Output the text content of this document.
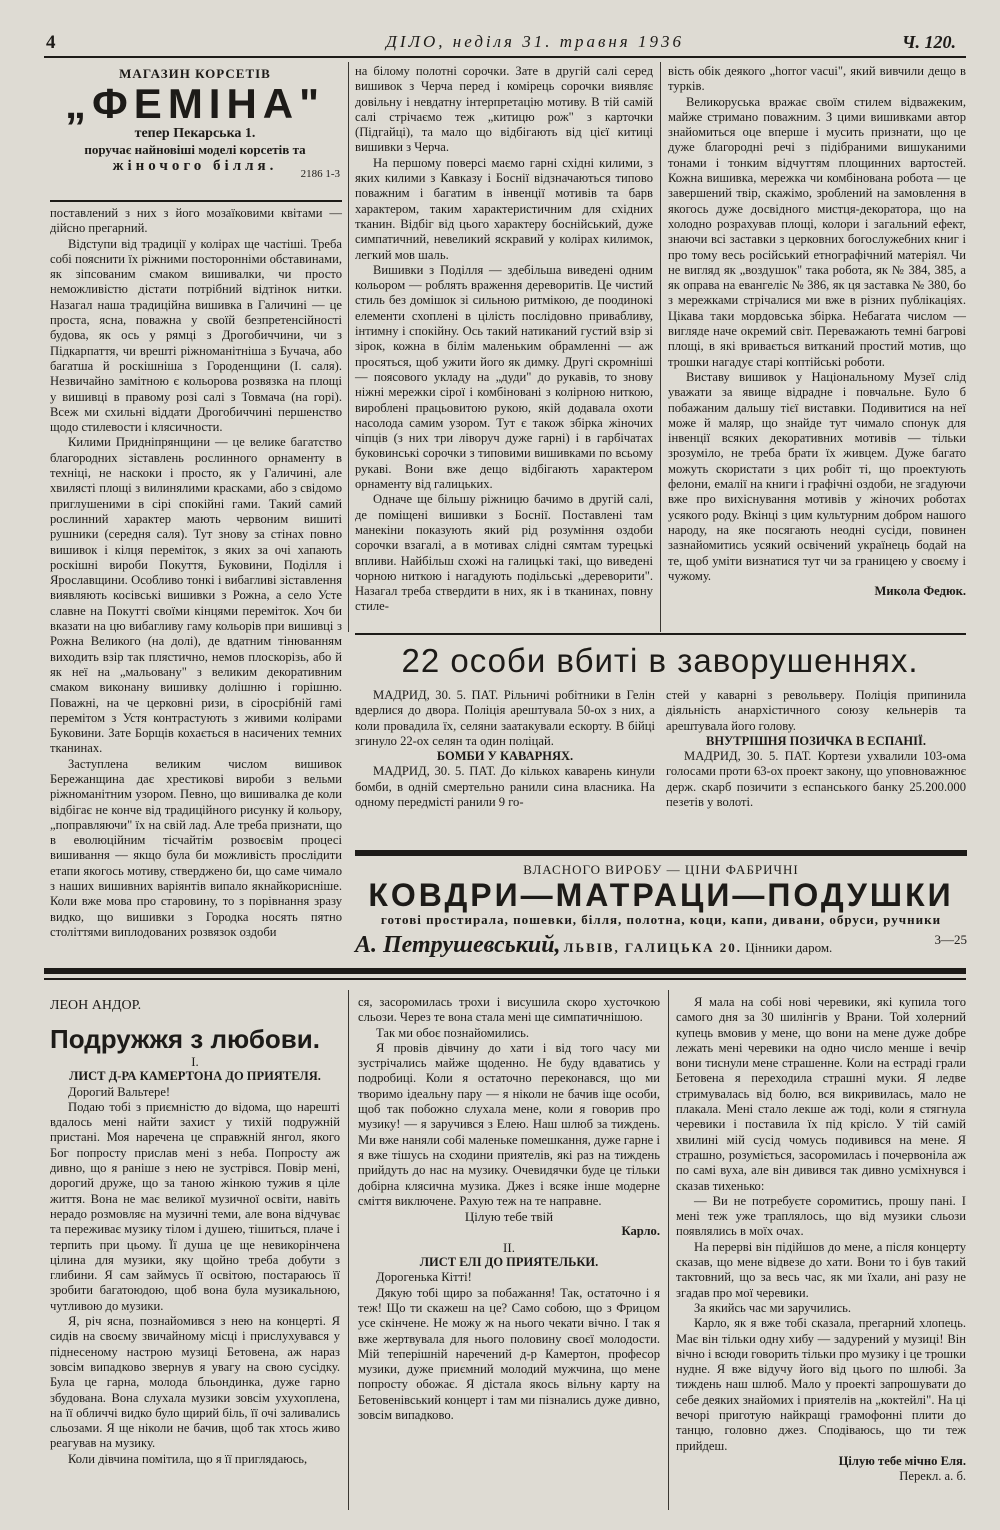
4	ДІЛО, неділя 31. травня 1936	Ч. 120.
МАГАЗИН КОРСЕТІВ
„ФЕМІНА"
тепер Пекарська 1.
поручає найновіші моделі корсетів та
жіночого білля.	2186 1-3

поставлений з них з його мозаїковими квітами — дійсно прегарний.

Відступи від традиції у колірах ще частіші. Треба собі пояснити їх ріжними посторонніми обставинами, як зіпсованим смаком вишивалки, чи просто неможливістю дістати потрібний відтінок нитки. Назагал наша традиційна вишивка в Галичині — це проста, ясна, поважна у своїй безпретенсійності будова, як ось у рямці з Дрогобиччини, чи з Підкарпаття, чи врешті ріжноманітніша з Бучача, або багатша й роскішніша з Городенщини (І. саля). Незвичайно замітною є кольорова розвязка на площі у вишивці в правому розі салі з Товмача (на горі). Всеж ми схильні віддати Дрогобиччині першенство щодо стилевости і клясичности.

Килими Придніпрянщини — це велике багатство благородних зіставлень рослинного орнаменту в техніці, не наскоки і просто, як у Галичині, але хвилясті площі з вилинялими красками, або з свідомо приглушеними в сірі спокійні гами. Такий самий рослинний характер мають червоним вишиті рушники (середня саля). Тут знову за стінах повно вишивок і кілця переміток, з яких за очі хапають роскішні вироби Покуття, Буковини, Поділля і Ярославщини. Особливо тонкі і вибагливі зіставлення виявляють косівські вишивки з Рожна, а село Усте славне на Покутті своїми кінцями переміток. Хоч би вказати на цю вибагливу гаму кольорів при вишивці з Рожна Великого (на долі), де вдатним тінюванням виходить взір так плястично, немов плоскорізь, або й як неї на „мальовану" з великим декоративним смаком виконану вишивку долішню і горішню. Поважні, на че церковні ризи, в сіросрібній гамі перемітом з Устя контрастують з живими колірами Буковини. Зате Борщів кохається в насичених темних тканинах.

Заступлена великим числом вишивок Бережанщина дає хрестикові вироби з вельми ріжноманітним узором. Певно, що вишивалка де коли відбігає не конче від традиційного рисунку й кольору, „поправляючи" їх на свій лад. Але треба признати, що в еволюційним тісчайтім розвоєвім процесі вишивання — якщо була би можливість прослідити етапи якогось мотиву, стверджено би, що саме чимало з наших вишивних варіянтів випало якнайкорисніше. Коли вже мова про старовину, то з порівнання зразу видко, що вишивки з Городка носять пятно століттями виплодованих розвязок оздоби

на білому полотні сорочки. Зате в другій салі серед вишивок з Черча перед і комірець сорочки виявляє довільну і невдатну інтерпретацію мотиву. В тій самій салі стрічаємо теж „китицю рож" з карточки (Підгайці), та мало що відбігають від цієї китиці вишивки з Черча.

На першому поверсі маємо гарні східні килими, з яких килими з Кавказу і Боснії відзначаються типово поважним і багатим в інвенції мотивів та барв характером, таким характеристичним для східних тканин. Відбіг від цього характеру боснійський, дуже симпатичний, невеликий яскравий у колірах килимок, легкий мов шаль.

Вишивки з Поділля — здебільша виведені одним кольором — роблять враження дереворитів. Це чистий стиль без домішок зі сильною ритмікою, де поодинокі елементи схоплені в цілість послідовно привабливу, інтимну і спокійну. Ось такий натиканий густий взір зі зірок, кожна в білім маленьким обрамленні — аж просяться, щоб ужити його як димку. Другі скромніші — поясового укладу на „дуди" до рукавів, то знову ніжні мережки сірої і комбіновані з колірною ниткою, вироблені працьовитою рукою, якій додавала охоти насолода самим узором. Тут є також збірка жіночих чіпців (з них три ліворуч дуже гарні) і в гарбічатах буковинські сорочки з типовими вишивками по всьому рукаві. Вони вже дещо відбігають характером орнаменту від галицьких.

Одначе ще більшу ріжницю бачимо в другій салі, де поміщені вишивки з Боснії. Поставлені там манекіни показують який рід розуміння оздоби сорочки взагалі, а в мотивах слідні сямтам турецькі впливи. Найбільш схожі на галицькі такі, що виведені чорною ниткою і нагадують подільські „дереворити". Назагал треба ствердити в них, як і в тканинах, повну стиле-

вість обік деякого „horror vacui", який вивчили дещо в турків.

Великоруська вражає своїм стилем відважеким, майже стримано поважним. З цими вишивками автор знайомиться оце вперше і мусить признати, що це дуже благородні речі з підібраними вишуканими тонами і тонким відчуттям площинних вартостей. Кожна вишивка, мережка чи комбінована робота — це завершений твір, скажімо, зроблений на замовлення в якогось дуже досвідного мистця-декоратора, що на холодно розрахував площі, колори і загальний ефект, знаючи всі заставки з церковних богослужебних книг і про тому весь російський етнографічний матеріял. Чи не вигляд як „воздушок" така робота, як № 384, 385, а як оправа на евангеліє № 386, як ця заставка № 380, бо з мережками стрічалися ми вже в різних публікаціях. Цікава таки мордовська збірка. Небагата числом — вигляде наче окремий світ. Переважають темні багрові площі, в які вривається витканий простий мотив, що трошки нагадує старі коптійські роботи.

Виставу вишивок у Національному Музеї слід уважати за явище відрадне і повчальне. Було б побажаним дальшу тієї виставки. Подивитися на неї може й маляр, що знайде тут чимало спонук для інвенції всяких декоративних мотивів — тільки зрозуміло, не треба брати їх живцем. Дуже багато можуть скористати з цих робіт ті, що проектують фелони, емалії на книги і графічні оздоби, не згадуючи вже про вихіснування мотивів у жіночих роботах усякого роду. Вкінці з цим культурним добром нашого народу, на яке посягають неодні сусіди, повинен зазнайомитись усякий освічений українець бодай на те, щоб уміти визнатися тут чи за границею у своєму і чужому.

Микола Федюк.

22 особи вбиті в заворушеннях.

МАДРИД, 30. 5. ПАТ. Рільничі робітники в Гелін вдерлися до двора. Поліція арештувала 50-ох з них, а коли провадила їх, селяни заатакували ескорту. В бійці згинуло 22-ох селян та один поліцай.

БОМБИ У КАВАРНЯХ.

МАДРИД, 30. 5. ПАТ. До кількох каварень кинули бомби, в одній смертельно ранили сина власника. На одному передмісті ранили 9 го-

стей у каварні з револьверу. Поліція припинила діяльність анархістичного союзу кельнерів та арештувала його голову.

ВНУТРІШНЯ ПОЗИЧКА В ЕСПАНІЇ.

МАДРИД, 30. 5. ПАТ. Кортези ухвалили 103-ома голосами проти 63-ох проект закону, що уповноважнює держ. скарб позичити з еспанського банку 25.200.000 пезетів у волоті.

ВЛАСНОГО ВИРОБУ — ЦІНИ ФАБРИЧНІ
КОВДРИ—МАТРАЦИ—ПОДУШКИ
готові простирала, пошевки, білля, полотна, коци, капи, дивани, обруси, ручники
А. Петрушевський, ЛЬВІВ, ГАЛИЦЬКА 20. Цінники даром.
3—25
ЛЕОН АНДОР.
Подружжя з любови.

І.

ЛИСТ Д-РА КАМЕРТОНА ДО ПРИЯТЕЛЯ.

Дорогий Вальтере!

Подаю тобі з приємністю до відома, що нарешті вдалось мені найти захист у тихій подружній пристані. Моя наречена це справжній янгол, якого Бог попросту прислав мені з неба. Попросту аж дивно, що я раніше з нею не зустрівся. Повір мені, дорогий друже, що за таною жінкою тужив я ціле життя. Вона не має великої музичної освіти, навіть нерадо розмовляє на музичні теми, але вона відчуває та переживає музику тілом і душею, тішиться, плаче і терпить при цьому. Її душа це ще невикорінчена цілина для музики, яку щойно треба добути з глибини. Я сам займусь її освітою, постараюсь її зробити багатоюдою, щоб вона була музикальною, чутливою до музики.

Я, річ ясна, познайомився з нею на концерті. Я сидів на своєму звичайному місці і прислухувався у піднесеному настрою музиці Бетовена, аж нараз зовсім випадково звернув я увагу на свою сусідку. Була це гарна, молода бльондинка, дуже гарно збудована. Вона слухала музики зовсім ухухоплена, на її обличчі видко було щирий біль, її очі заливались сльозами. Я ще ніколи не бачив, щоб так хтось живо реагував на музику.

Коли дівчина помітила, що я її приглядаюсь,

ся, засоромилась трохи і висушила скоро хусточкою сльози. Через те вона стала мені ще симпатичнішою.

Так ми обоє познайомились.

Я провів дівчину до хати і від того часу ми зустрічались майже щоденно. Не буду вдаватись у подробиці. Коли я остаточно переконався, що ми творимо ідеальну пару — я ніколи не бачив іще особи, щоб так побожно слухала мене, коли я говорив про музику! — я заручився з Елею. Наш шлюб за тиждень. Ми вже наняли собі маленьке помешкання, дуже гарне і я вже тішусь на сходини приятелів, які раз на тиждень прийдуть до нас на музику. Очевидячки буде це тільки добірна клясична музика. Джез і всяке інше модерне сміття виключене. Рахую теж на те направне.

Цілую тебе твій

Карло.

ІІ.

ЛИСТ ЕЛІ ДО ПРИЯТЕЛЬКИ.

Дорогенька Кітті!

Дякую тобі щиро за побажання! Так, остаточно і я теж! Що ти скажеш на це? Само собою, що з Фрицом усе скінчене. Не можу ж на нього чекати вічно. І так я вже жертвувала для нього половину своєї молодости. Мій теперішній наречений д-р Камертон, професор музики, дуже приємний молодий мужчина, що мене попросту обожає. Я дістала якось вільну карту на Бетовенівський концерт і там ми пізнались дуже дивно, зовсім випадково.

Я мала на собі нові черевики, які купила того самого дня за 30 шилінгів у Врани. Той холерний купець вмовив у мене, що вони на мене дуже добре лежать мені черевики на одно число менше і вечір вони тиснули мене страшенне. Коли на естраді грали Бетовена я переходила страшні муки. Я ледве стримувалась від болю, вся викривилась, мало не плакала. Мені стало лекше аж тоді, коли я стягнула черевики і поставила їх під крісло. У тій самій хвилині мій сусід чомусь подивився на мене. Я страшно, розуміється, засоромилась і почервоніла аж по самі вуха, але він дивився так дивно усміхнувся і сказав тихенько:

— Ви не потребуєте соромитись, прошу пані. І мені теж уже траплялось, що від музики сльози появлялись в моїх очах.

На перерві він підійшов до мене, а після концерту сказав, що мене відвезе до хати. Вони то і був такий тактовний, що за весь час, як ми їхали, ані разу не згадав про мої черевики.

За якийсь час ми заручились.

Карло, як я вже тобі сказала, прегарний хлопець. Має він тільки одну хибу — задурений у музиці! Він вічно і всюди говорить тільки про музику і це трошки нудне. Я вже відучу його від цього по шлюбі. За тиждень наш шлюб. Мало у проекті запрошувати до себе деяких знайомих і приятелів на „коктейлі". На ці вечорі приготую найкращі грамофонні плити до танцю, головно джез. Сподіваюсь, що ти теж прийдеш.

Цілую тебе мічно Еля.

Перекл. а. б.
